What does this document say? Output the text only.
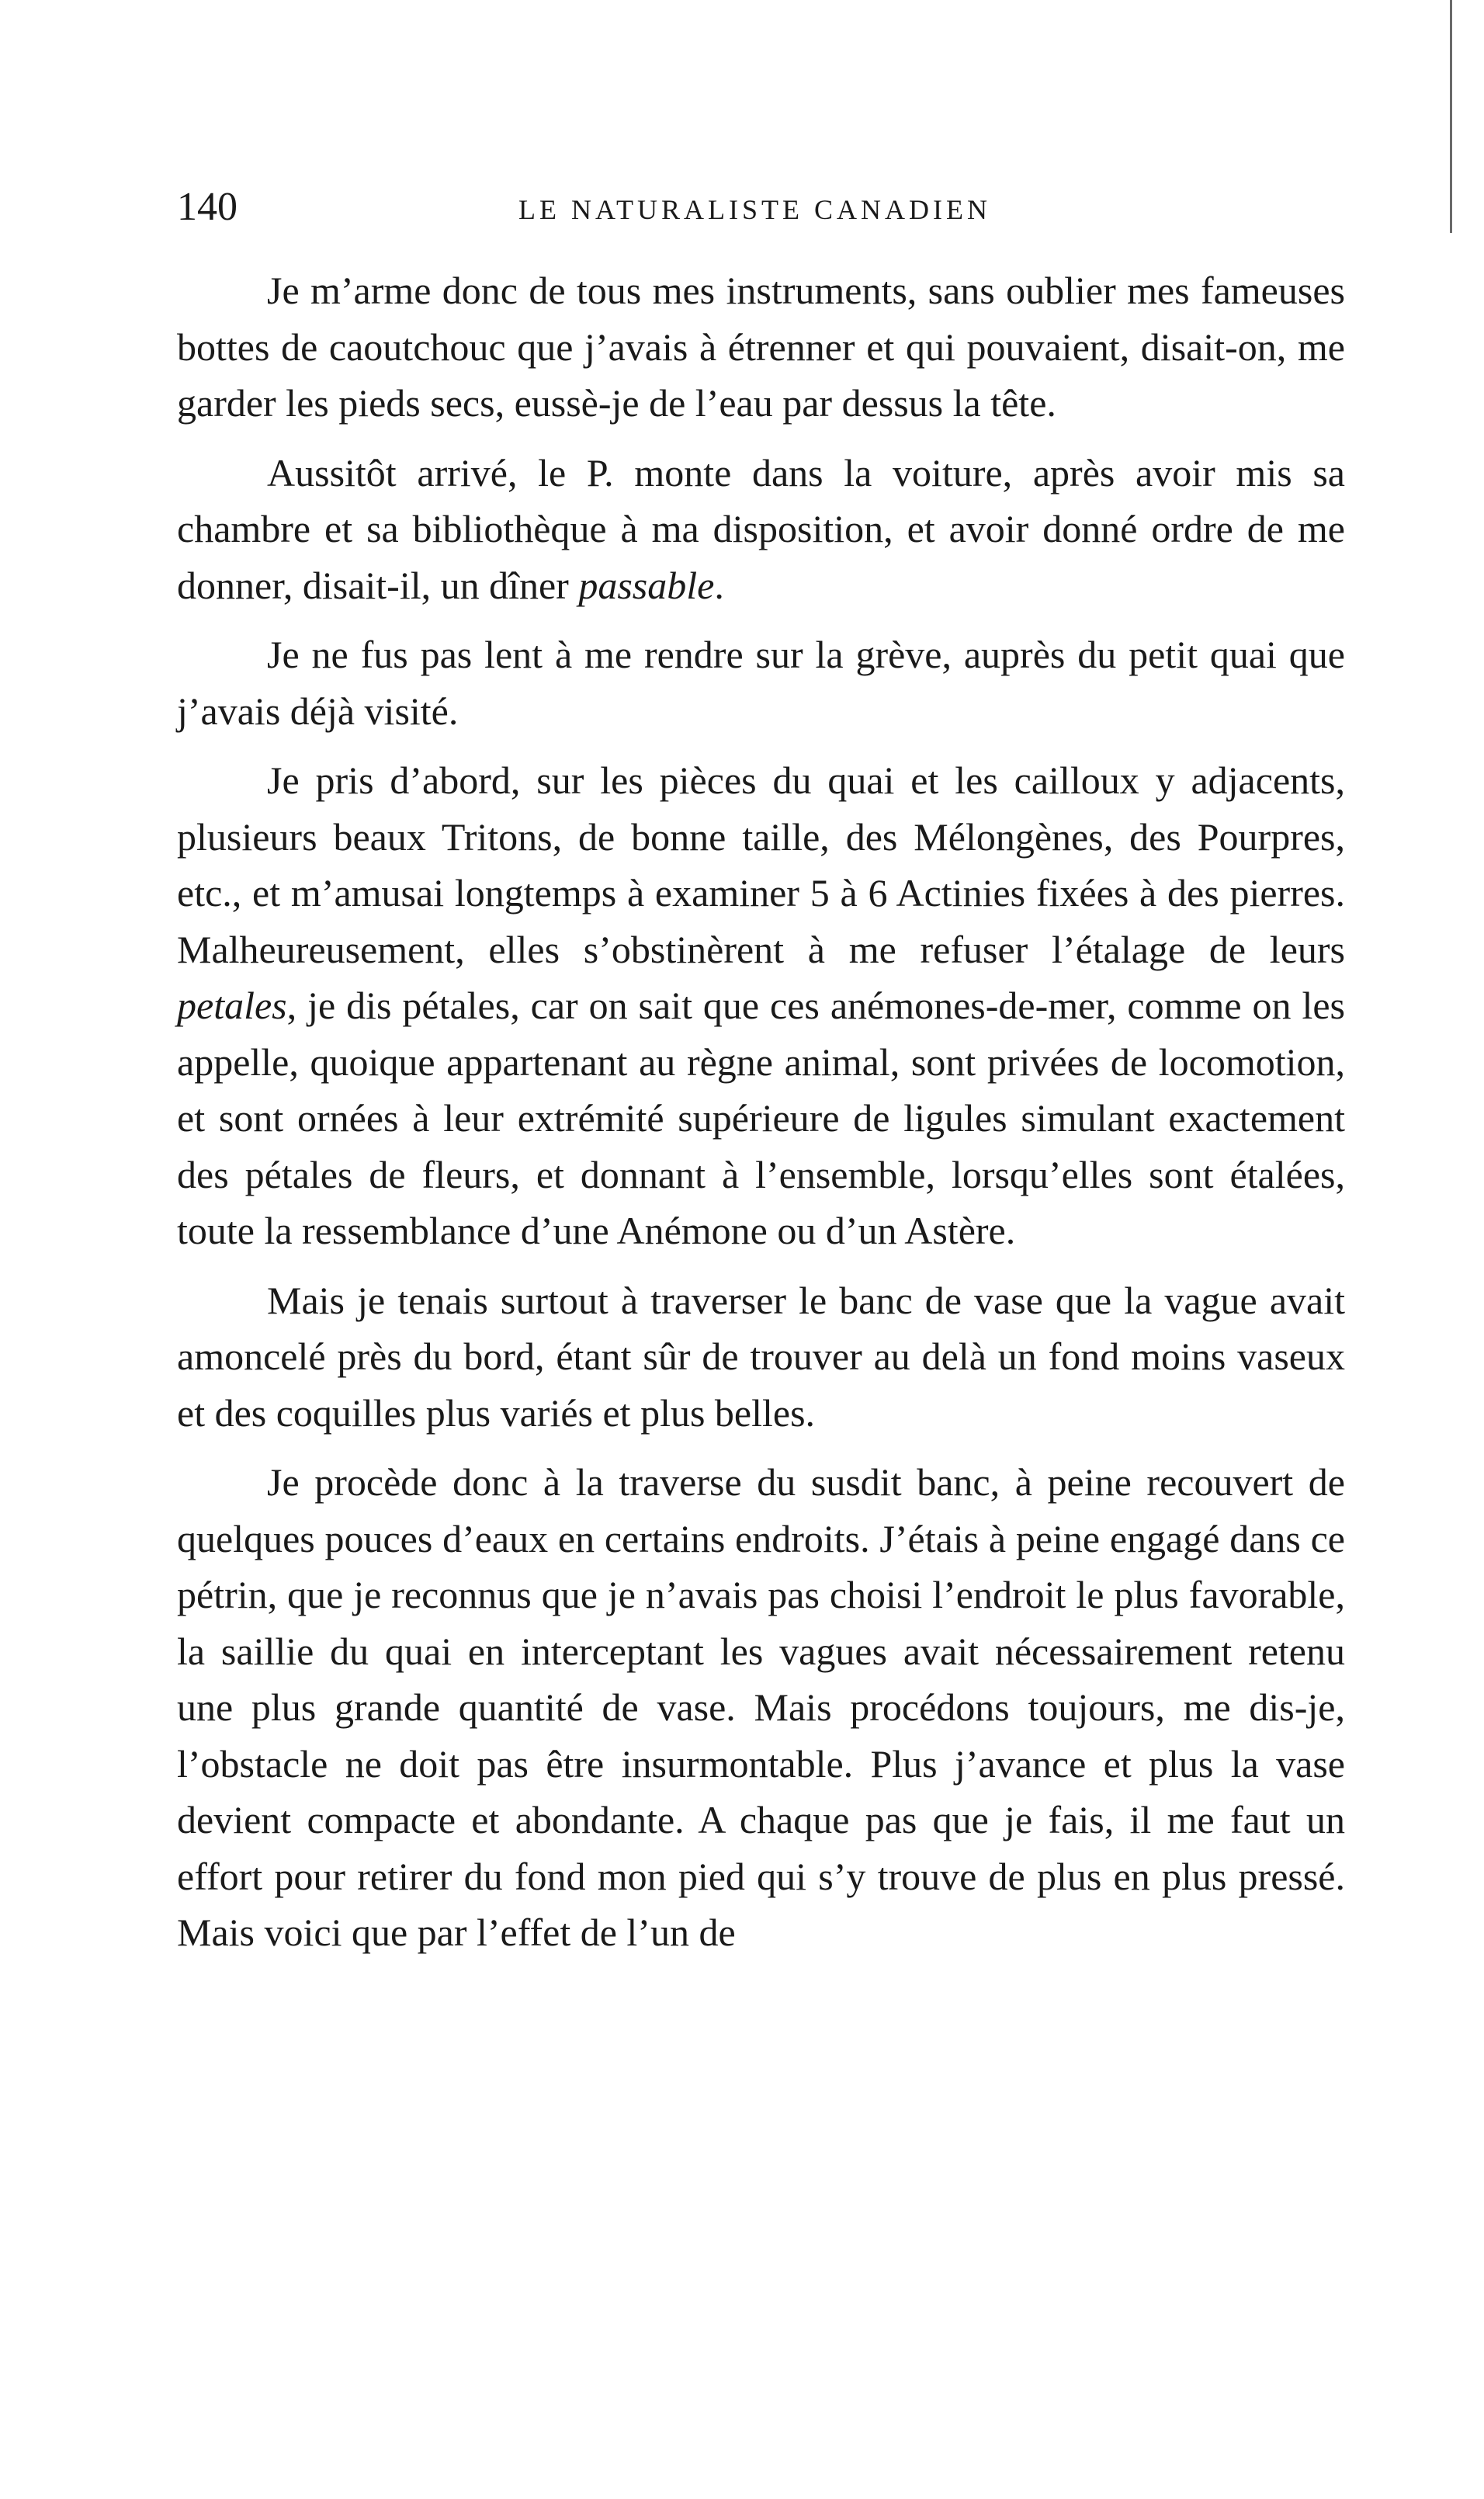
140	LE NATURALISTE CANADIEN

Je m’arme donc de tous mes instruments, sans oublier mes fameuses bottes de caoutchouc que j’avais à étrenner et qui pouvaient, disait-on, me garder les pieds secs, eussè-je de l’eau par dessus la tête.

Aussitôt arrivé, le P. monte dans la voiture, après avoir mis sa chambre et sa bibliothèque à ma disposition, et avoir donné ordre de me donner, disait-il, un dîner passable.

Je ne fus pas lent à me rendre sur la grève, auprès du petit quai que j’avais déjà visité.

Je pris d’abord, sur les pièces du quai et les cailloux y adjacents, plusieurs beaux Tritons, de bonne taille, des Mélongènes, des Pourpres, etc., et m’amusai longtemps à examiner 5 à 6 Actinies fixées à des pierres. Malheureusement, elles s’obstinèrent à me refuser l’étalage de leurs petales, je dis pétales, car on sait que ces anémones-de-mer, comme on les appelle, quoique appartenant au règne animal, sont privées de locomotion, et sont ornées à leur extrémité supérieure de ligules simulant exactement des pétales de fleurs, et donnant à l’ensemble, lorsqu’elles sont étalées, toute la ressemblance d’une Anémone ou d’un Astère.

Mais je tenais surtout à traverser le banc de vase que la vague avait amoncelé près du bord, étant sûr de trouver au delà un fond moins vaseux et des coquilles plus variés et plus belles.

Je procède donc à la traverse du susdit banc, à peine recouvert de quelques pouces d’eaux en certains endroits. J’étais à peine engagé dans ce pétrin, que je reconnus que je n’avais pas choisi l’endroit le plus favorable, la saillie du quai en interceptant les vagues avait nécessairement retenu une plus grande quantité de vase. Mais procédons toujours, me dis-je, l’obstacle ne doit pas être insurmontable. Plus j’avance et plus la vase devient compacte et abondante. A chaque pas que je fais, il me faut un effort pour retirer du fond mon pied qui s’y trouve de plus en plus pressé. Mais voici que par l’effet de l’un de
